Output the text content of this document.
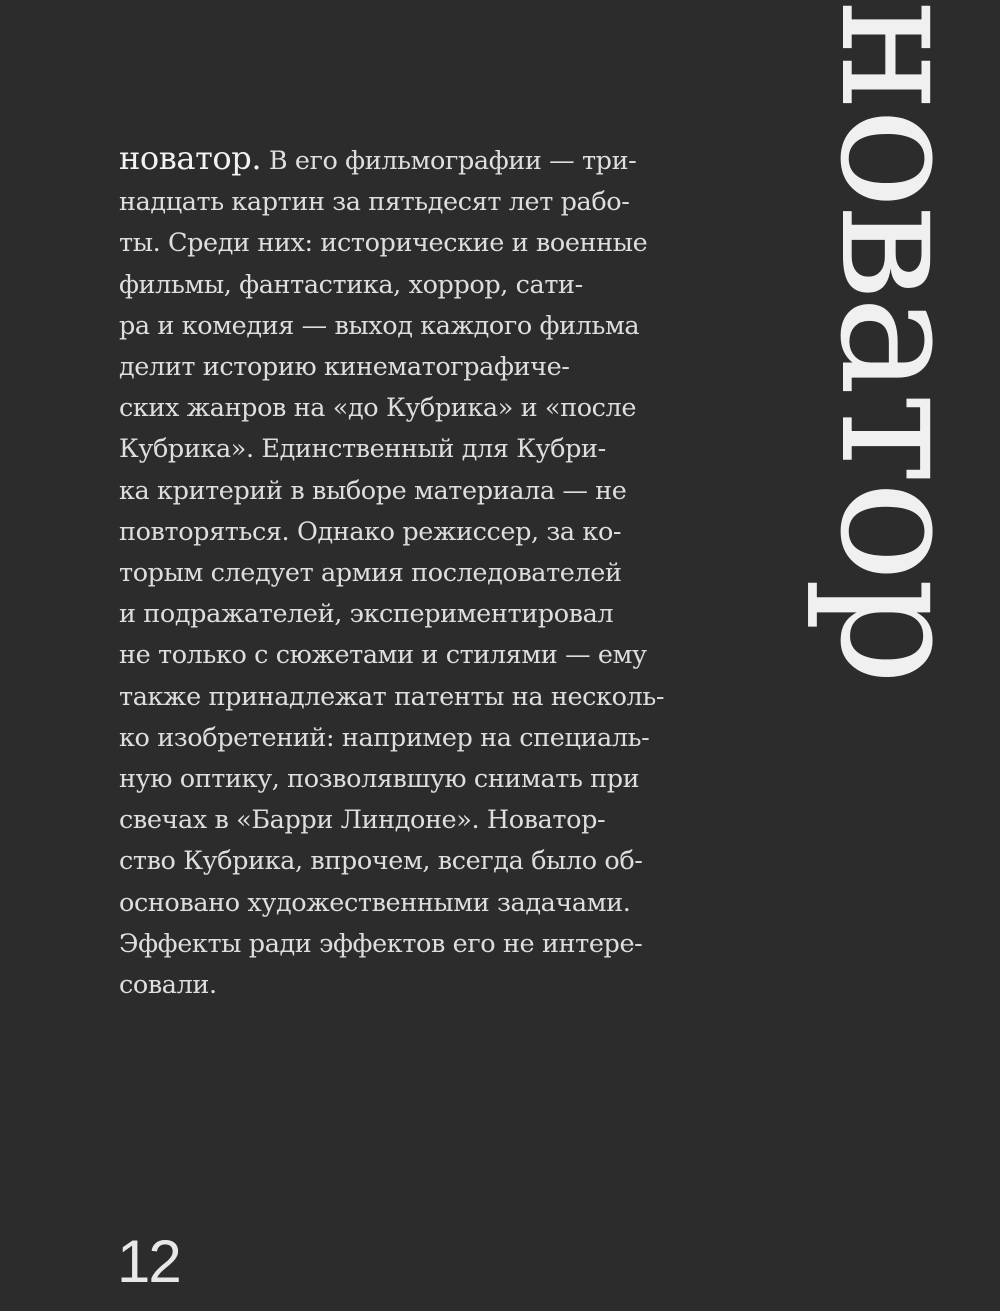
новатор. В его фильмографии — три-
надцать картин за пятьдесят лет рабо-
ты. Среди них: исторические и военные
фильмы, фантастика, хоррор, сати-
ра и комедия — выход каждого фильма
делит историю кинематографиче-
ских жанров на «до Кубрика» и «после
Кубрика». Единственный для Кубри-
ка критерий в выборе материала — не
повторяться. Однако режиссер, за ко-
торым следует армия последователей
и подражателей, экспериментировал
не только с сюжетами и стилями — ему
также принадлежат патенты на несколь-
ко изобретений: например на специаль-
ную оптику, позволявшую снимать при
свечах в «Барри Линдоне». Новатор-
ство Кубрика, впрочем, всегда было об-
основано художественными задачами.
Эффекты ради эффектов его не интере-
совали.
новатор
12
